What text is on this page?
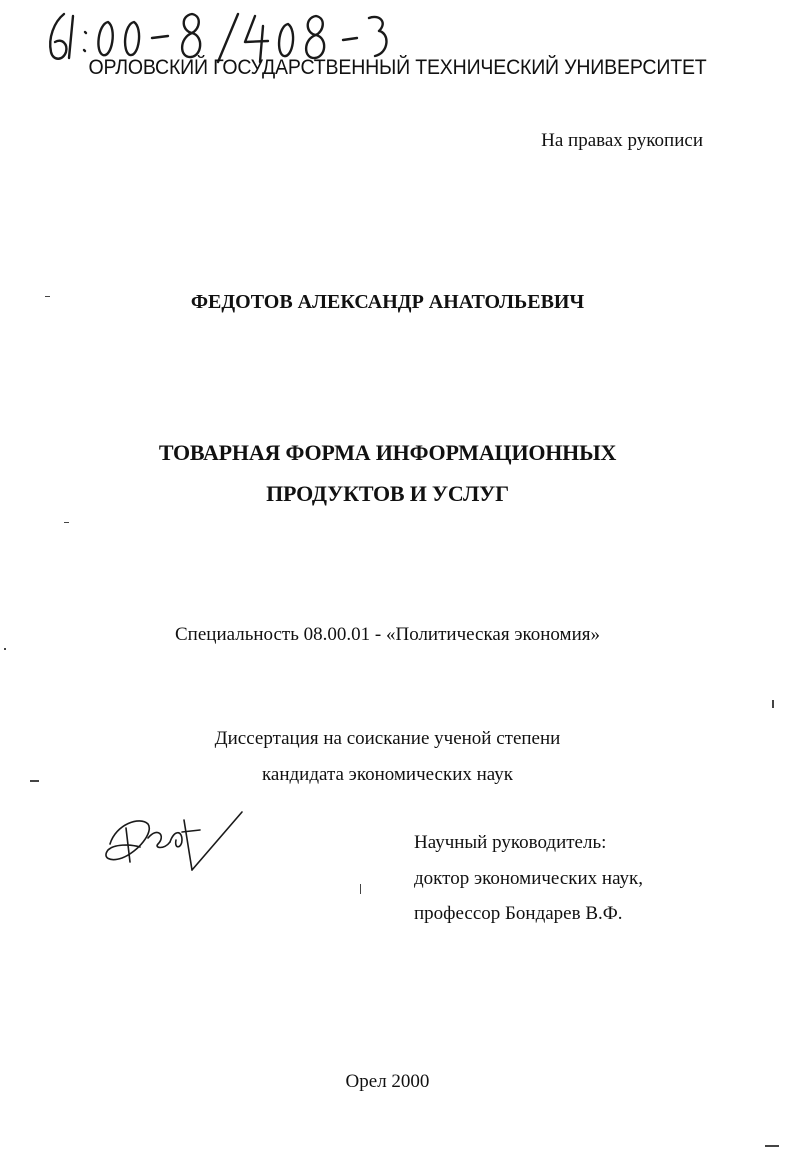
ОРЛОВСКИЙ ГОСУДАРСТВЕННЫЙ ТЕХНИЧЕСКИЙ УНИВЕРСИТЕТ
На правах рукописи
ФЕДОТОВ АЛЕКСАНДР АНАТОЛЬЕВИЧ
ТОВАРНАЯ ФОРМА ИНФОРМАЦИОННЫХ
ПРОДУКТОВ И УСЛУГ
Специальность 08.00.01 - «Политическая экономия»
Диссертация на соискание ученой степени
кандидата экономических наук
Научный руководитель:
доктор экономических наук,
профессор Бондарев В.Ф.
Орел 2000
